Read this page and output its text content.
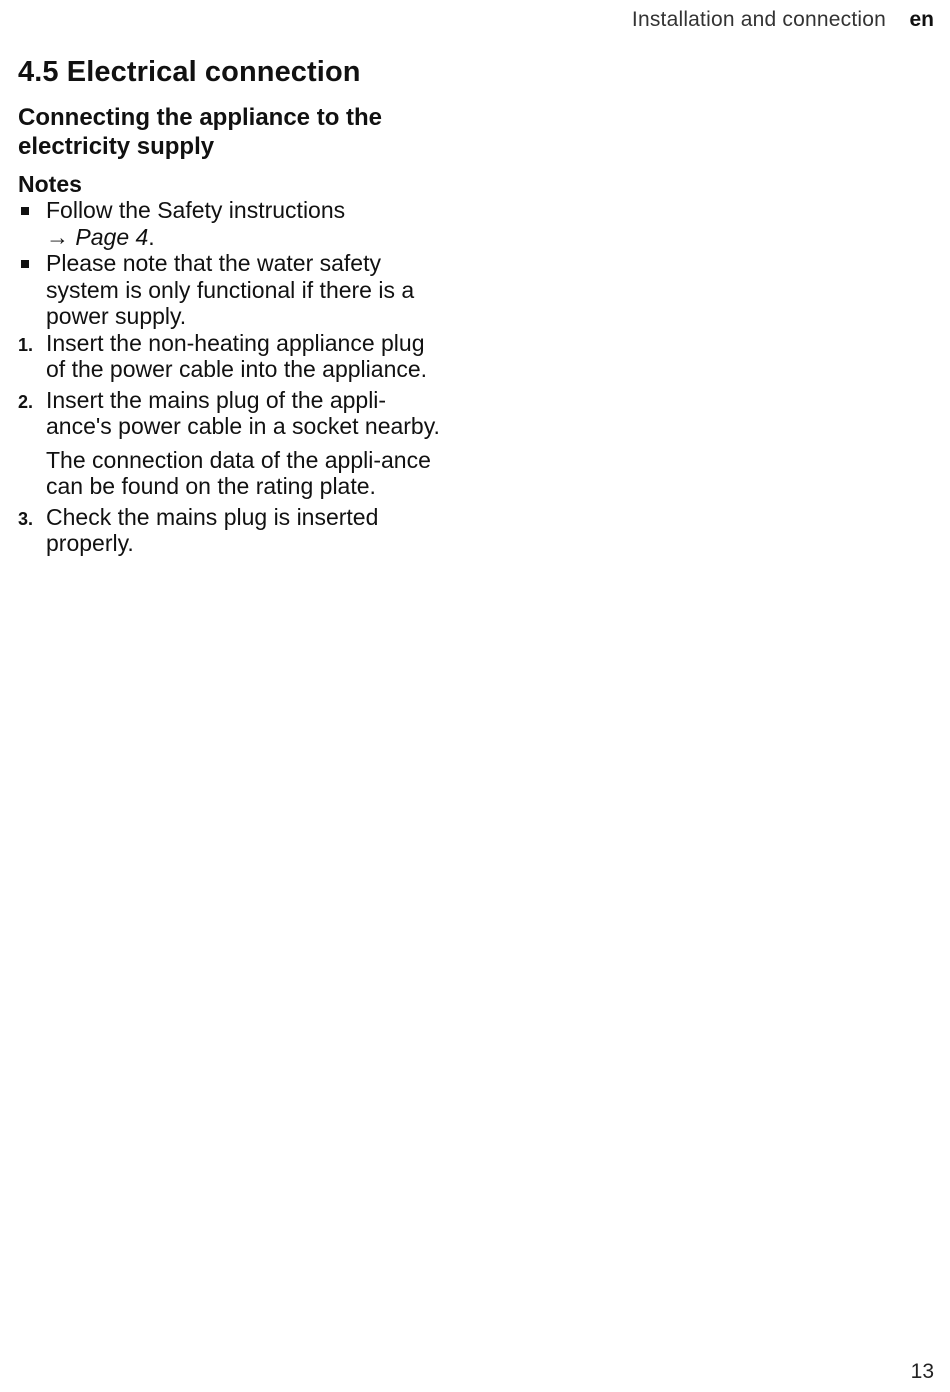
Installation and connection en
4.5 Electrical connection
Connecting the appliance to the
electricity supply
Notes
Follow the Safety instructions
→ Page 4.
Please note that the water safety system is only functional if there is a power supply.
1. Insert the non-heating appliance plug of the power cable into the appliance.
2. Insert the mains plug of the appli-ance's power cable in a socket nearby.
The connection data of the appli-ance can be found on the rating plate.
3. Check the mains plug is inserted properly.
13
